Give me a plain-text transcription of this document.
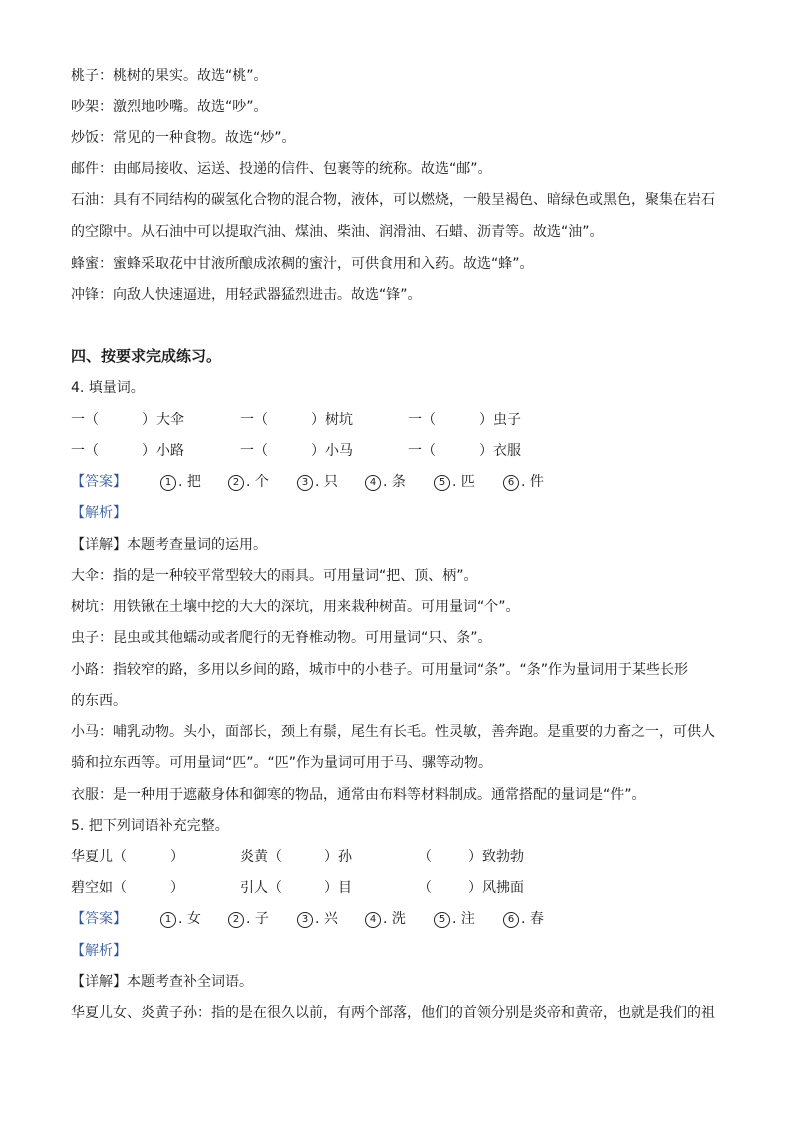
桃子：桃树的果实。故选“桃”。
吵架：激烈地吵嘴。故选“吵”。
炒饭：常见的一种食物。故选“炒”。
邮件：由邮局接收、运送、投递的信件、包裹等的统称。故选“邮”。
石油：具有不同结构的碳氢化合物的混合物，液体，可以燃烧，一般呈褐色、暗绿色或黑色，聚集在岩石
的空隙中。从石油中可以提取汽油、煤油、柴油、润滑油、石蜡、沥青等。故选“油”。
蜂蜜：蜜蜂采取花中甘液所酿成浓稠的蜜汁，可供食用和入药。故选“蜂”。
冲锋：向敌人快速逼进，用轻武器猛烈进击。故选“锋”。
四、按要求完成练习。
4. 填量词。
一（	）大伞	一（	）树坑	一（	）虫子
一（	）小路	一（	）小马	一（	）衣服
【答案】	1 . 把	2 . 个	3 . 只	4 . 条	5 . 匹	6 . 件
【解析】
【详解】本题考查量词的运用。
大伞：指的是一种较平常型较大的雨具。可用量词“把、顶、柄”。
树坑：用铁锹在土壤中挖的大大的深坑，用来栽种树苗。可用量词“个”。
虫子：昆虫或其他蠕动或者爬行的无脊椎动物。可用量词“只、条”。
小路：指较窄的路，多用以乡间的路，城市中的小巷子。可用量词“条”。“条”作为量词用于某些长形
的东西。
小马：哺乳动物。头小，面部长，颈上有鬃，尾生有长毛。性灵敏，善奔跑。是重要的力畜之一，可供人
骑和拉东西等。可用量词“匹”。“匹”作为量词可用于马、骡等动物。
衣服：是一种用于遮蔽身体和御寒的物品，通常由布料等材料制成。通常搭配的量词是“件”。
5. 把下列词语补充完整。
华夏儿（	）	炎黄（	）孙	（	）致勃勃
碧空如（	）	引人（	）目	（	）风拂面
【答案】	1 . 女	2 . 子	3 . 兴	4 . 洗	5 . 注	6 . 春
【解析】
【详解】本题考查补全词语。
华夏儿女、炎黄子孙：指的是在很久以前，有两个部落，他们的首领分别是炎帝和黄帝，也就是我们的祖
